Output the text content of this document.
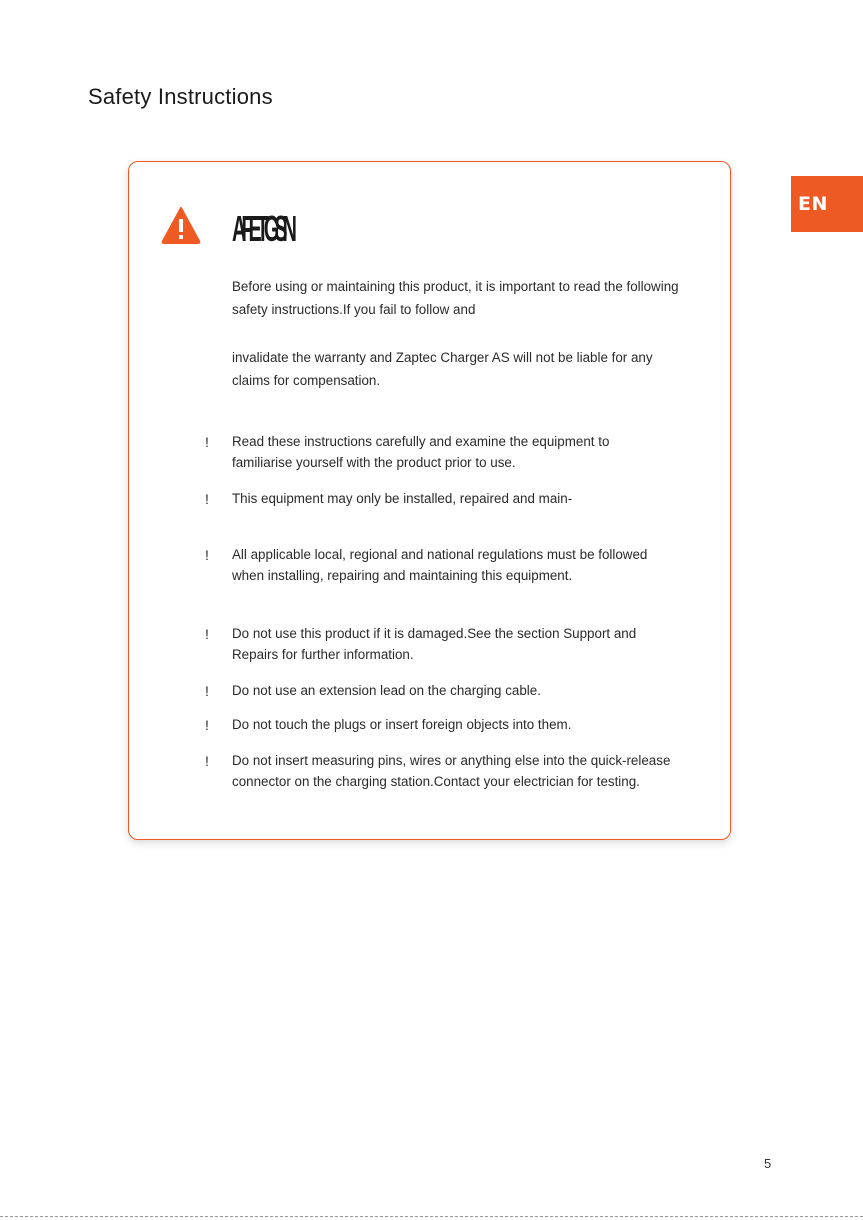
Safety Instructions
EN
AFETGSN

Before using or maintaining this product, it is important to read the following safety instructions.If you fail to follow and

invalidate the warranty and Zaptec Charger AS will not be liable for any claims for compensation.

!	Read these instructions carefully and examine the equipment to familiarise yourself with the product prior to use.
!	This equipment may only be installed, repaired and main-
!	All applicable local, regional and national regulations must be followed when installing, repairing and maintaining this equipment.
!	Do not use this product if it is damaged.See the section Support and Repairs for further information.
!	Do not use an extension lead on the charging cable.
!	Do not touch the plugs or insert foreign objects into them.
!	Do not insert measuring pins, wires or anything else into the quick-release connector on the charging station.Contact your electrician for testing.
5
